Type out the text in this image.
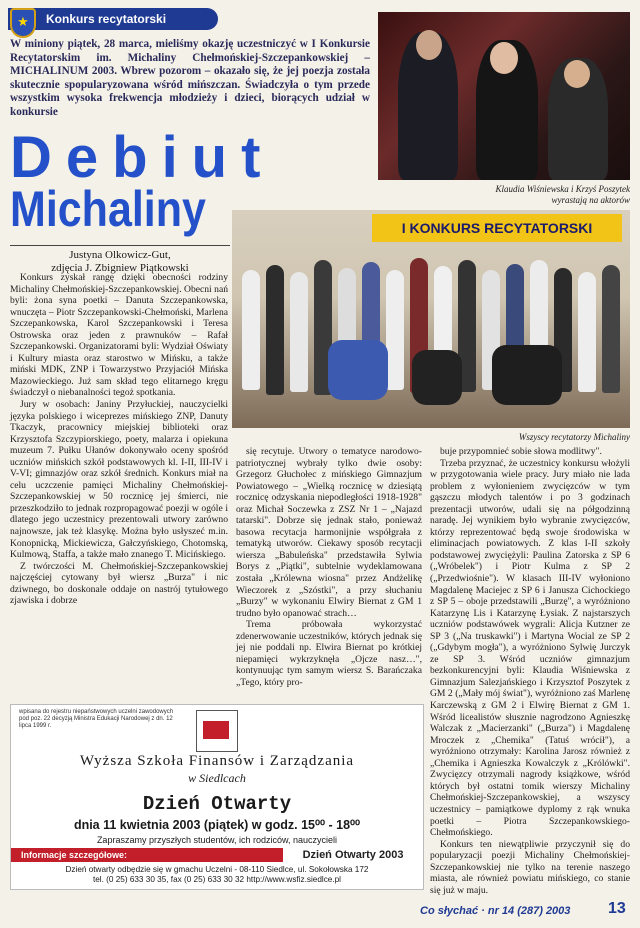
Konkurs recytatorski
★
W miniony piątek, 28 marca, mieliśmy okazję uczestniczyć w I Konkursie Recytatorskim im. Michaliny Chełmońskiej-Szczepankowskiej – MICHALINUM 2003. Wbrew pozorom – okazało się, że jej poezja została skutecznie spopularyzowana wśród mińszczan. Świadczyła o tym przede wszystkim wysoka frekwencja młodzieży i dzieci, biorących udział w konkursie
Klaudia Wiśniewska i Krzyś Poszytek
wyrastają na aktorów
Debiut
Michaliny
Justyna Olkowicz-Gut,
zdjęcia J. Zbigniew Piątkowski
I KONKURS RECYTATORSKI
Wszyscy recytatorzy Michaliny

Konkurs zyskał rangę dzięki obecności rodziny Michaliny Chełmońskiej-Szczepankowskiej. Obecni nań byli: żona syna poetki – Danuta Szczepankowska, wnuczęta – Piotr Szczepankowski-Chełmoński, Marlena Szczepankowska, Karol Szczepankowski i Teresa Ostrowska oraz jeden z prawnuków – Rafał Szczepankowski. Organizatorami byli: Wydział Oświaty i Kultury miasta oraz starostwo w Mińsku, a także miński MDK, ZNP i Towarzystwo Przyjaciół Mińska Mazowieckiego. Już sam skład tego elitarnego kręgu świadczył o niebanalności tegoż spotkania.

Jury w osobach: Janiny Przyłuckiej, nauczycielki języka polskiego i wiceprezes mińskiego ZNP, Danuty Tkaczyk, pracownicy miejskiej biblioteki oraz Krzysztofa Szczypiorskiego, poety, malarza i opiekuna muzeum 7. Pułku Ułanów dokonywało oceny spośród uczniów mińskich szkół podstawowych kl. I-II, III-IV i V-VI; gimnazjów oraz szkół średnich. Konkurs miał na celu uczczenie pamięci Michaliny Chełmońskiej-Szczepankowskiej w 50 rocznicę jej śmierci, nie przeszkodziło to jednak rozpropagować poezji w ogóle i dlatego jego uczestnicy prezentowali utwory zarówno najnowsze, jak też klasykę. Można było usłyszeć m.in. Konopnicką, Mickiewicza, Gałczyńskiego, Chotomską, Kulmową, Staffa, a także mało znanego T. Micińskiego.

Z twórczości M. Chełmońskiej-Szczepankowskiej najczęściej cytowany był wiersz „Burza" i nic dziwnego, bo doskonale oddaje on nastrój tytułowego zjawiska i dobrze

się recytuje. Utwory o tematyce narodowo-patriotycznej wybrały tylko dwie osoby: Grzegorz Głuchołec z mińskiego Gimnazjum Powiatowego – „Wielką rocznicę w dziesiątą rocznicę odzyskania niepodległości 1918-1928" oraz Michał Soczewka z ZSZ Nr 1 – „Najazd tatarski". Dobrze się jednak stało, ponieważ basowa recytacja harmonijnie współgrała z tematyką utworów. Ciekawy sposób recytacji wiersza „Babuleńska" przedstawiła Sylwia Borys z „Piątki", subtelnie wydeklamowana została „Królewna wiosna" przez Andżelikę Wieczorek z „Szóstki", a przy słuchaniu „Burzy" w wykonaniu Elwiry Biernat z GM 1 trudno było opanować strach…

Trema próbowała wykorzystać zdenerwowanie uczestników, których jednak się jej nie poddali np. Elwira Biernat po krótkiej niepamięci wykrzyknęła „Ojcze nasz…", kontynuując tym samym wiersz S. Barańczaka „Tego, który pro-

buje przypomnieć sobie słowa modlitwy".

Trzeba przyznać, że uczestnicy konkursu włożyli w przygotowania wiele pracy. Jury miało nie lada problem z wyłonieniem zwycięzców w tym gąszczu młodych talentów i po 3 godzinach prezentacji utworów, udali się na półgodzinną naradę. Jej wynikiem było wybranie zwycięzców, którzy reprezentować będą swoje środowiska w eliminacjach powiatowych. Z klas I-II szkoły podstawowej zwyciężyli: Paulina Zatorska z SP 6 („Wróbelek") i Piotr Kulma z SP 2 („Przedwiośnie"). W klasach III-IV wyłoniono Magdalenę Maciejec z SP 6 i Janusza Cichockiego z SP 5 – oboje przedstawili „Burzę", a wyróżniono Katarzynę Lis i Katarzynę Łysiak. Z najstarszych uczniów podstawówek wygrali: Alicja Kutzner ze SP 3 („Na truskawki") i Martyna Wocial ze SP 2 („Gdybym mogła"), a wyróżniono Sylwię Jurczyk ze SP 3. Wśród uczniów gimnazjum bezkonkurencyjni byli: Klaudia Wiśniewska z Gimnazjum Salezjańskiego i Krzysztof Poszytek z GM 2 („Mały mój świat"), wyróżniono zaś Marlenę Karczewską z GM 2 i Elwirę Biernat z GM 1. Wśród licealistów słusznie nagrodzono Agnieszkę Walczak z „Macierzanki" („Burza") i Magdalenę Mroczek z „Chemika" (Tatuś wrócił"), a wyróżniono otrzymały: Karolina Jarosz również z „Chemika i Agnieszka Kowalczyk z „Królówki". Zwycięzcy otrzymali nagrody książkowe, wśród których był ostatni tomik wierszy Michaliny Chełmońskiej-Szczepankowskiej, a wszyscy uczestnicy – pamiątkowe dyplomy z rąk wnuka poetki – Piotra Szczepankowskiego-Chełmońskiego.

Konkurs ten niewątpliwie przyczynił się do popularyzacji poezji Michaliny Chełmońskiej-Szczepankowskiej nie tylko na terenie naszego miasta, ale również powiatu mińskiego, co stanie się już w maju.

wpisana do rejestru niepaństwowych uczelni zawodowych pod poz. 22 decyzją Ministra Edukacji Narodowej z dn. 12 lipca 1999 r.
Wyższa Szkoła Finansów i Zarządzania
w Siedlcach
Dzień Otwarty
dnia 11 kwietnia 2003 (piątek) w godz. 15⁰⁰ - 18⁰⁰
Zapraszamy przyszłych studentów, ich rodziców, nauczycieli
Informacje szczegółowe:	Dzień Otwarty 2003
Dzień otwarty odbędzie się w gmachu Uczelni - 08-110 Siedlce, ul. Sokołowska 172
tel. (0 25) 633 30 35, fax (0 25) 633 30 32 http://www.wsfiz.siedlce.pl
Co słychać · nr 14 (287) 2003 13
